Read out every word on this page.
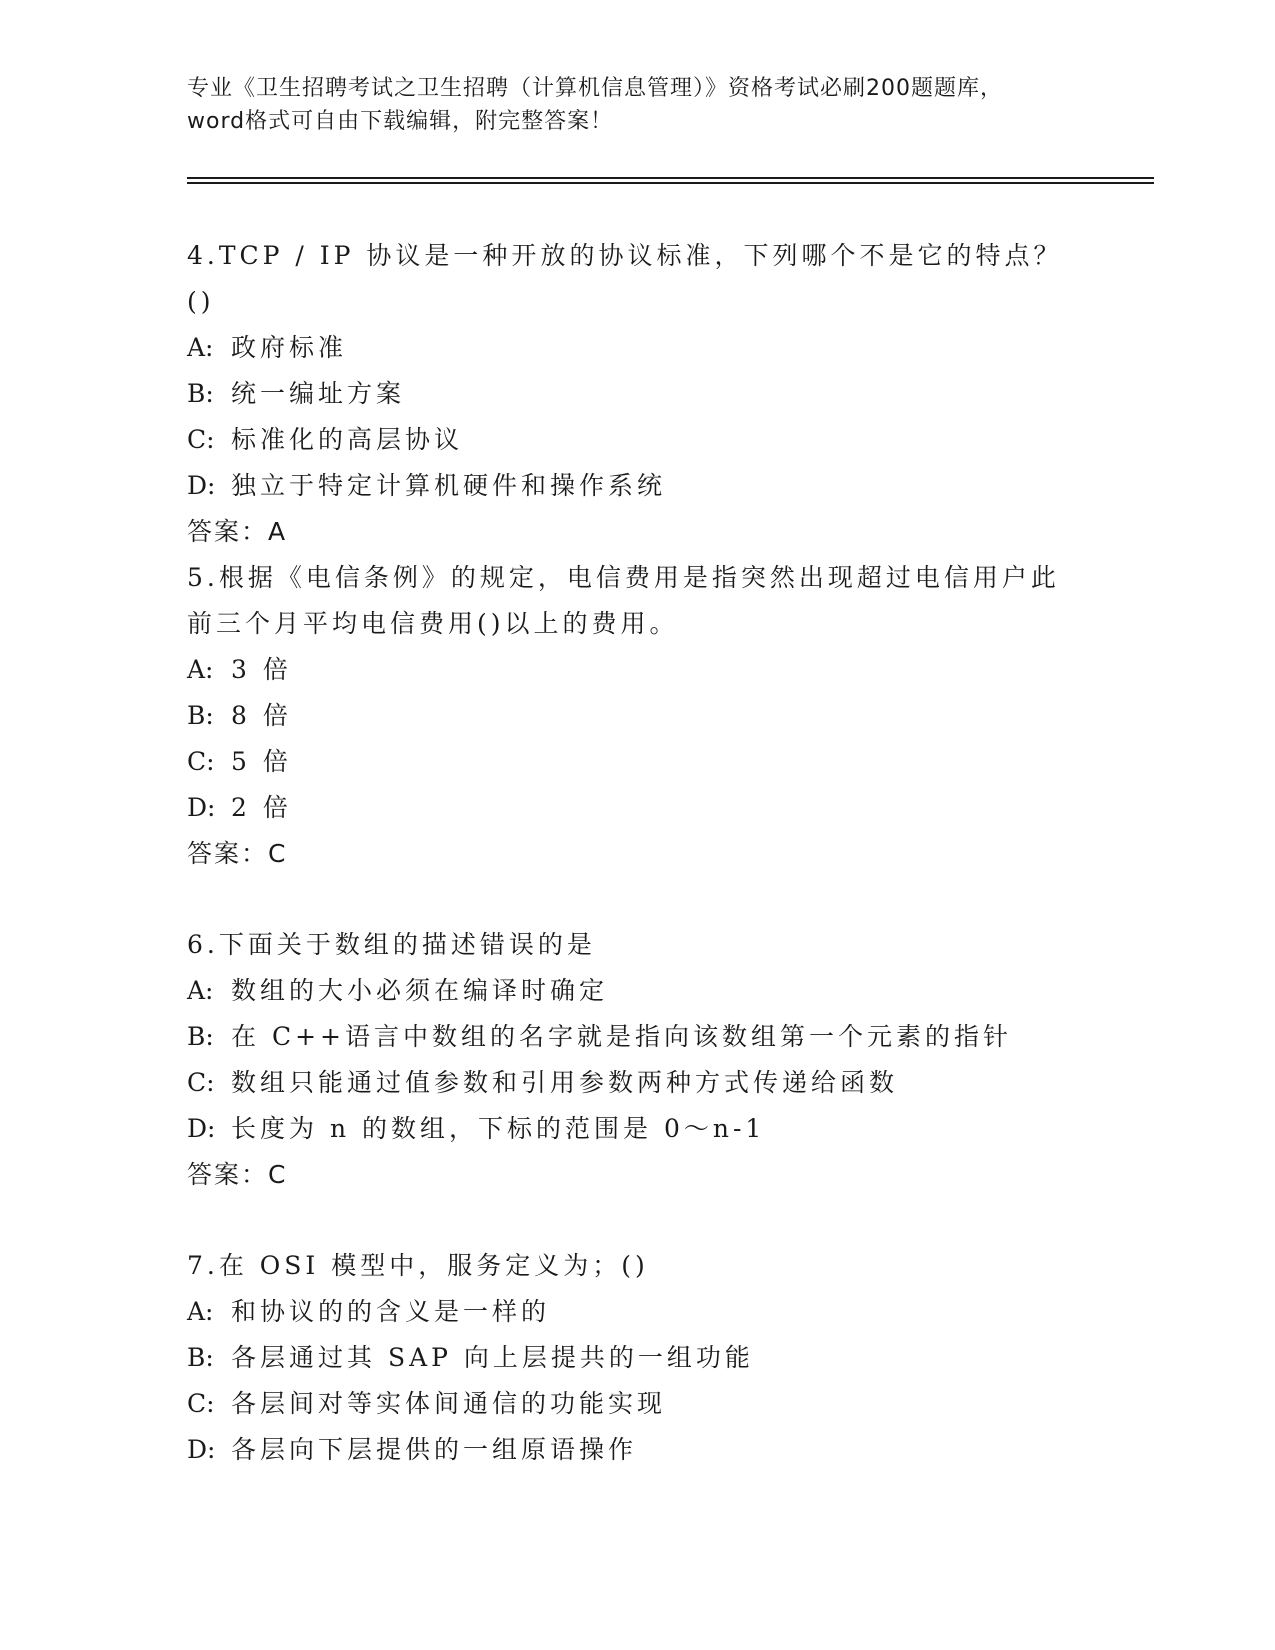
专业《卫生招聘考试之卫生招聘（计算机信息管理）》资格考试必刷200题题库，

word格式可自由下载编辑，附完整答案！

4.TCP / IP 协议是一种开放的协议标准，下列哪个不是它的特点？()

A: 政府标准

B: 统一编址方案

C: 标准化的高层协议

D: 独立于特定计算机硬件和操作系统

答案：A

5.根据《电信条例》的规定，电信费用是指突然出现超过电信用户此

前三个月平均电信费用()以上的费用。

A: 3 倍

B: 8 倍

C: 5 倍

D: 2 倍

答案：C

6.下面关于数组的描述错误的是

A: 数组的大小必须在编译时确定

B: 在 C++语言中数组的名字就是指向该数组第一个元素的指针

C: 数组只能通过值参数和引用参数两种方式传递给函数

D: 长度为 n 的数组，下标的范围是 0～n-1

答案：C

7.在 OSI 模型中，服务定义为；()

A: 和协议的的含义是一样的

B: 各层通过其 SAP 向上层提共的一组功能

C: 各层间对等实体间通信的功能实现

D: 各层向下层提供的一组原语操作
